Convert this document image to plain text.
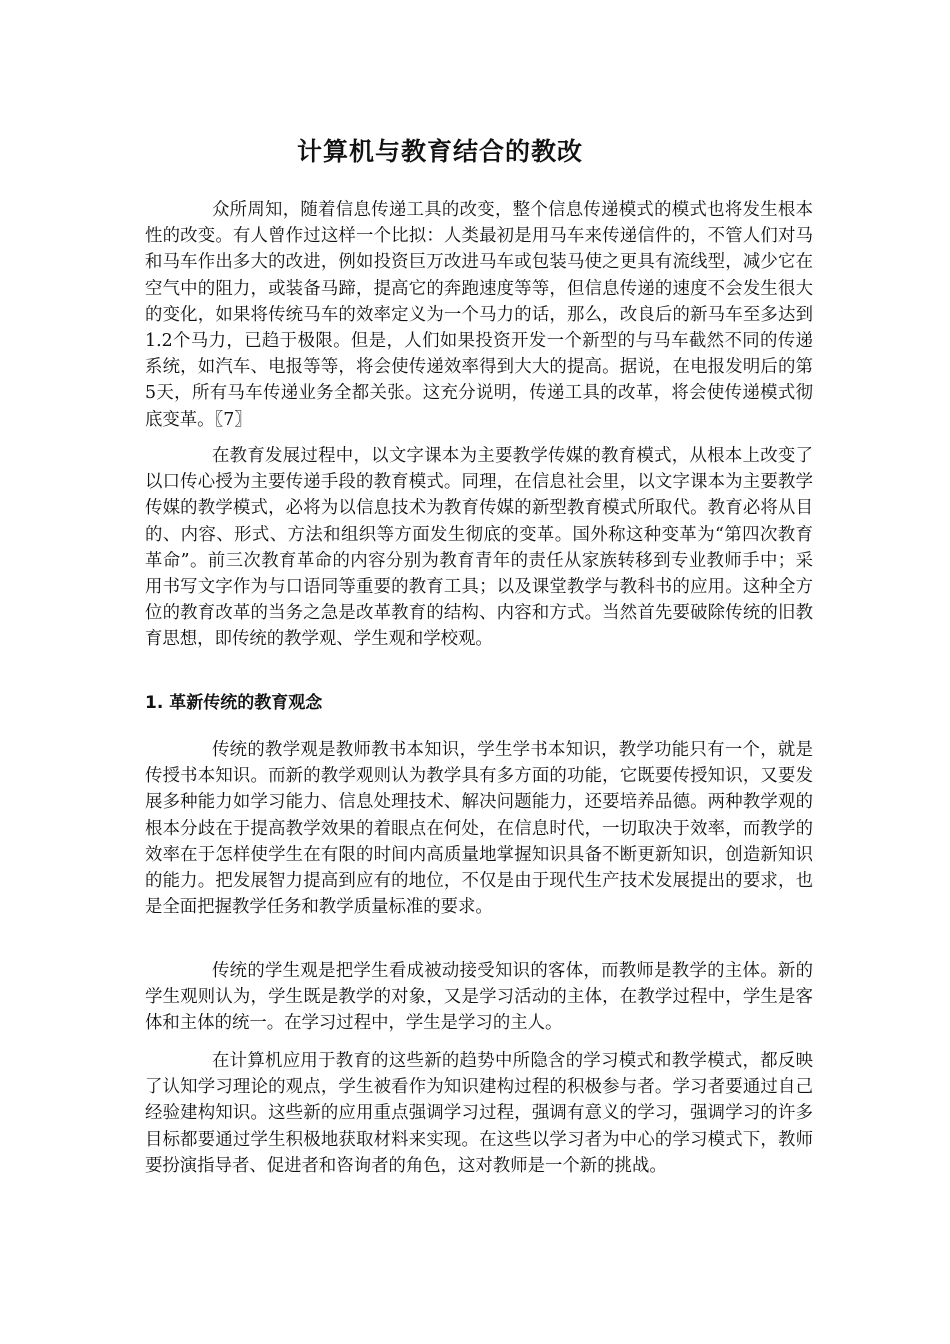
计算机与教育结合的教改

众所周知，随着信息传递工具的改变，整个信息传递模式的模式也将发生根本性的改变。有人曾作过这样一个比拟：人类最初是用马车来传递信件的，不管人们对马和马车作出多大的改进，例如投资巨万改进马车或包装马使之更具有流线型，减少它在空气中的阻力，或装备马蹄，提高它的奔跑速度等等，但信息传递的速度不会发生很大的变化，如果将传统马车的效率定义为一个马力的话，那么，改良后的新马车至多达到1.2个马力，已趋于极限。但是，人们如果投资开发一个新型的与马车截然不同的传递系统，如汽车、电报等等，将会使传递效率得到大大的提高。据说，在电报发明后的第5天，所有马车传递业务全都关张。这充分说明，传递工具的改革，将会使传递模式彻底变革。〖7〗

在教育发展过程中，以文字课本为主要教学传媒的教育模式，从根本上改变了以口传心授为主要传递手段的教育模式。同理，在信息社会里，以文字课本为主要教学传媒的教学模式，必将为以信息技术为教育传媒的新型教育模式所取代。教育必将从目的、内容、形式、方法和组织等方面发生彻底的变革。国外称这种变革为“第四次教育革命”。前三次教育革命的内容分别为教育青年的责任从家族转移到专业教师手中；采用书写文字作为与口语同等重要的教育工具；以及课堂教学与教科书的应用。这种全方位的教育改革的当务之急是改革教育的结构、内容和方式。当然首先要破除传统的旧教育思想，即传统的教学观、学生观和学校观。

1. 革新传统的教育观念

传统的教学观是教师教书本知识，学生学书本知识，教学功能只有一个，就是传授书本知识。而新的教学观则认为教学具有多方面的功能，它既要传授知识，又要发展多种能力如学习能力、信息处理技术、解决问题能力，还要培养品德。两种教学观的根本分歧在于提高教学效果的着眼点在何处，在信息时代，一切取决于效率，而教学的效率在于怎样使学生在有限的时间内高质量地掌握知识具备不断更新知识，创造新知识的能力。把发展智力提高到应有的地位，不仅是由于现代生产技术发展提出的要求，也是全面把握教学任务和教学质量标准的要求。

传统的学生观是把学生看成被动接受知识的客体，而教师是教学的主体。新的学生观则认为，学生既是教学的对象，又是学习活动的主体，在教学过程中，学生是客体和主体的统一。在学习过程中，学生是学习的主人。

在计算机应用于教育的这些新的趋势中所隐含的学习模式和教学模式，都反映了认知学习理论的观点，学生被看作为知识建构过程的积极参与者。学习者要通过自己经验建构知识。这些新的应用重点强调学习过程，强调有意义的学习，强调学习的许多目标都要通过学生积极地获取材料来实现。在这些以学习者为中心的学习模式下，教师要扮演指导者、促进者和咨询者的角色，这对教师是一个新的挑战。
